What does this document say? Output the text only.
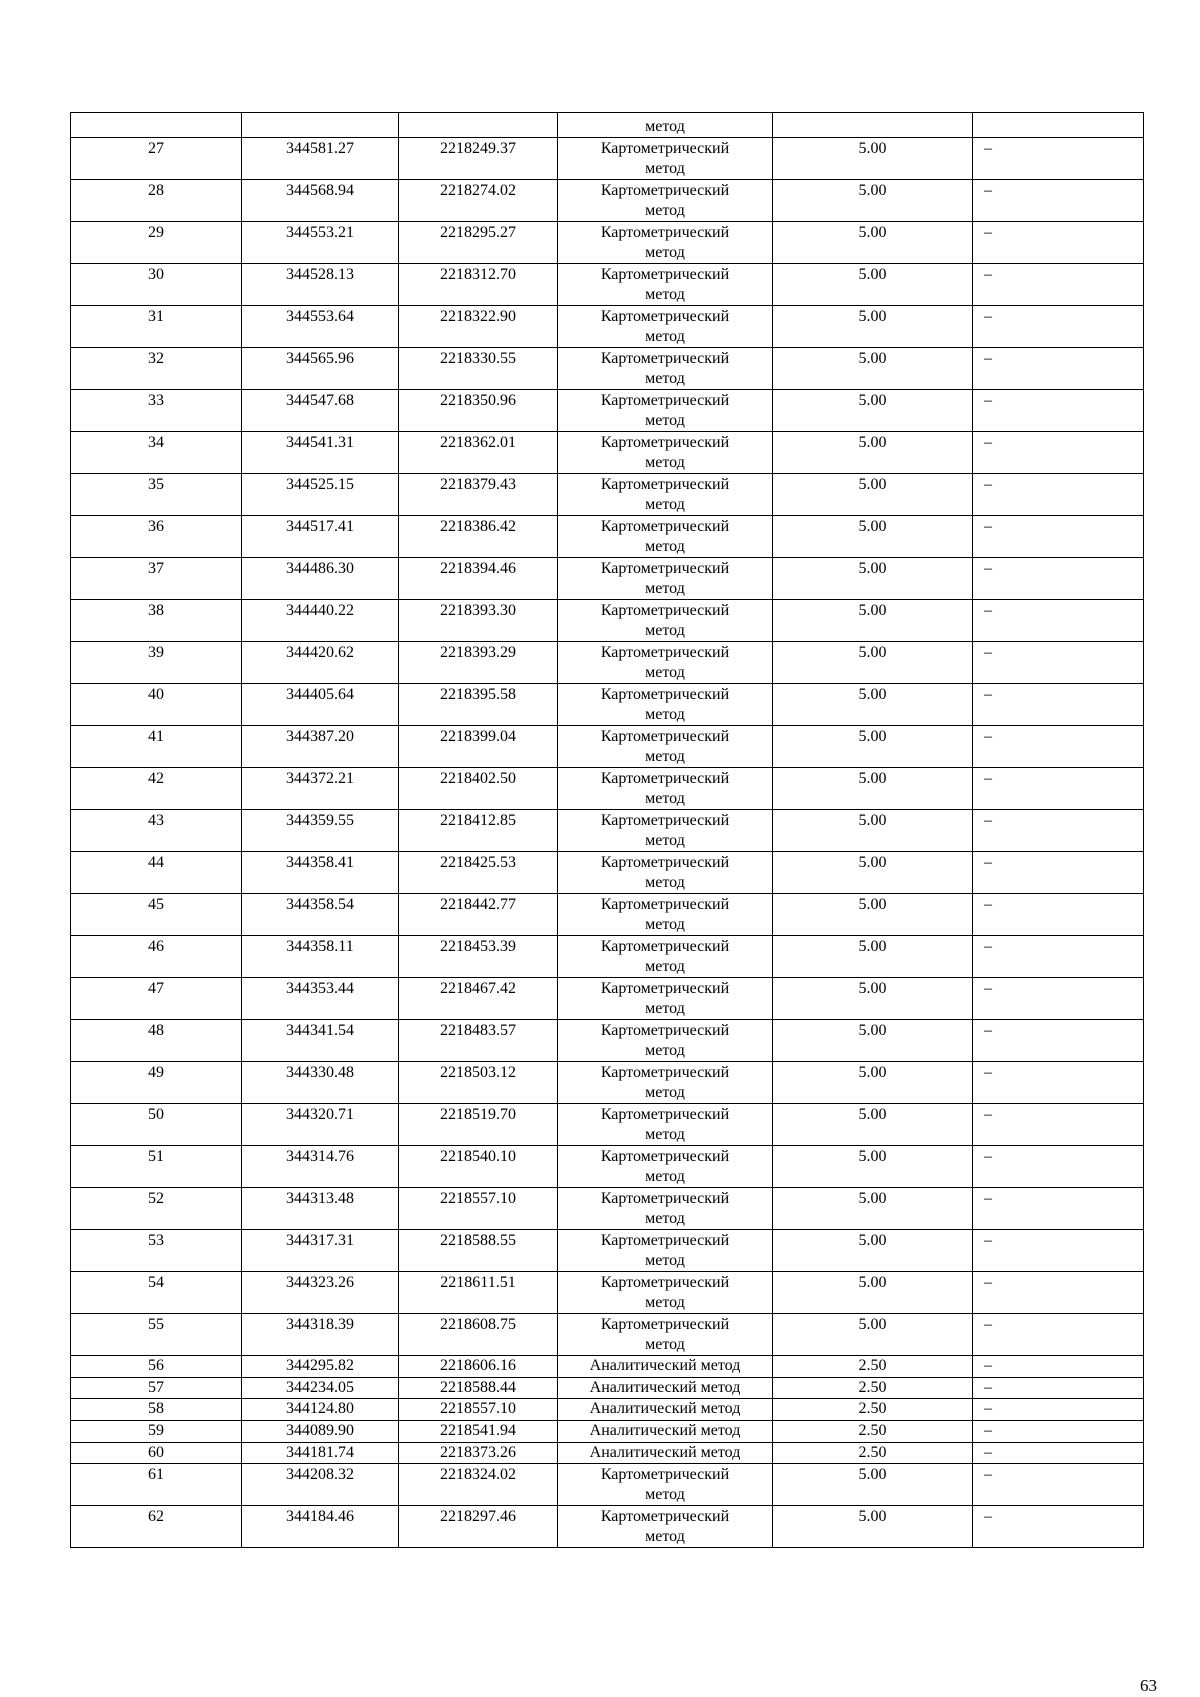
			метод		
27	344581.27	2218249.37	Картометрический
метод	5.00	–
28	344568.94	2218274.02	Картометрический
метод	5.00	–
29	344553.21	2218295.27	Картометрический
метод	5.00	–
30	344528.13	2218312.70	Картометрический
метод	5.00	–
31	344553.64	2218322.90	Картометрический
метод	5.00	–
32	344565.96	2218330.55	Картометрический
метод	5.00	–
33	344547.68	2218350.96	Картометрический
метод	5.00	–
34	344541.31	2218362.01	Картометрический
метод	5.00	–
35	344525.15	2218379.43	Картометрический
метод	5.00	–
36	344517.41	2218386.42	Картометрический
метод	5.00	–
37	344486.30	2218394.46	Картометрический
метод	5.00	–
38	344440.22	2218393.30	Картометрический
метод	5.00	–
39	344420.62	2218393.29	Картометрический
метод	5.00	–
40	344405.64	2218395.58	Картометрический
метод	5.00	–
41	344387.20	2218399.04	Картометрический
метод	5.00	–
42	344372.21	2218402.50	Картометрический
метод	5.00	–
43	344359.55	2218412.85	Картометрический
метод	5.00	–
44	344358.41	2218425.53	Картометрический
метод	5.00	–
45	344358.54	2218442.77	Картометрический
метод	5.00	–
46	344358.11	2218453.39	Картометрический
метод	5.00	–
47	344353.44	2218467.42	Картометрический
метод	5.00	–
48	344341.54	2218483.57	Картометрический
метод	5.00	–
49	344330.48	2218503.12	Картометрический
метод	5.00	–
50	344320.71	2218519.70	Картометрический
метод	5.00	–
51	344314.76	2218540.10	Картометрический
метод	5.00	–
52	344313.48	2218557.10	Картометрический
метод	5.00	–
53	344317.31	2218588.55	Картометрический
метод	5.00	–
54	344323.26	2218611.51	Картометрический
метод	5.00	–
55	344318.39	2218608.75	Картометрический
метод	5.00	–
56	344295.82	2218606.16	Аналитический метод	2.50	–
57	344234.05	2218588.44	Аналитический метод	2.50	–
58	344124.80	2218557.10	Аналитический метод	2.50	–
59	344089.90	2218541.94	Аналитический метод	2.50	–
60	344181.74	2218373.26	Аналитический метод	2.50	–
61	344208.32	2218324.02	Картометрический
метод	5.00	–
62	344184.46	2218297.46	Картометрический
метод	5.00	–
63
